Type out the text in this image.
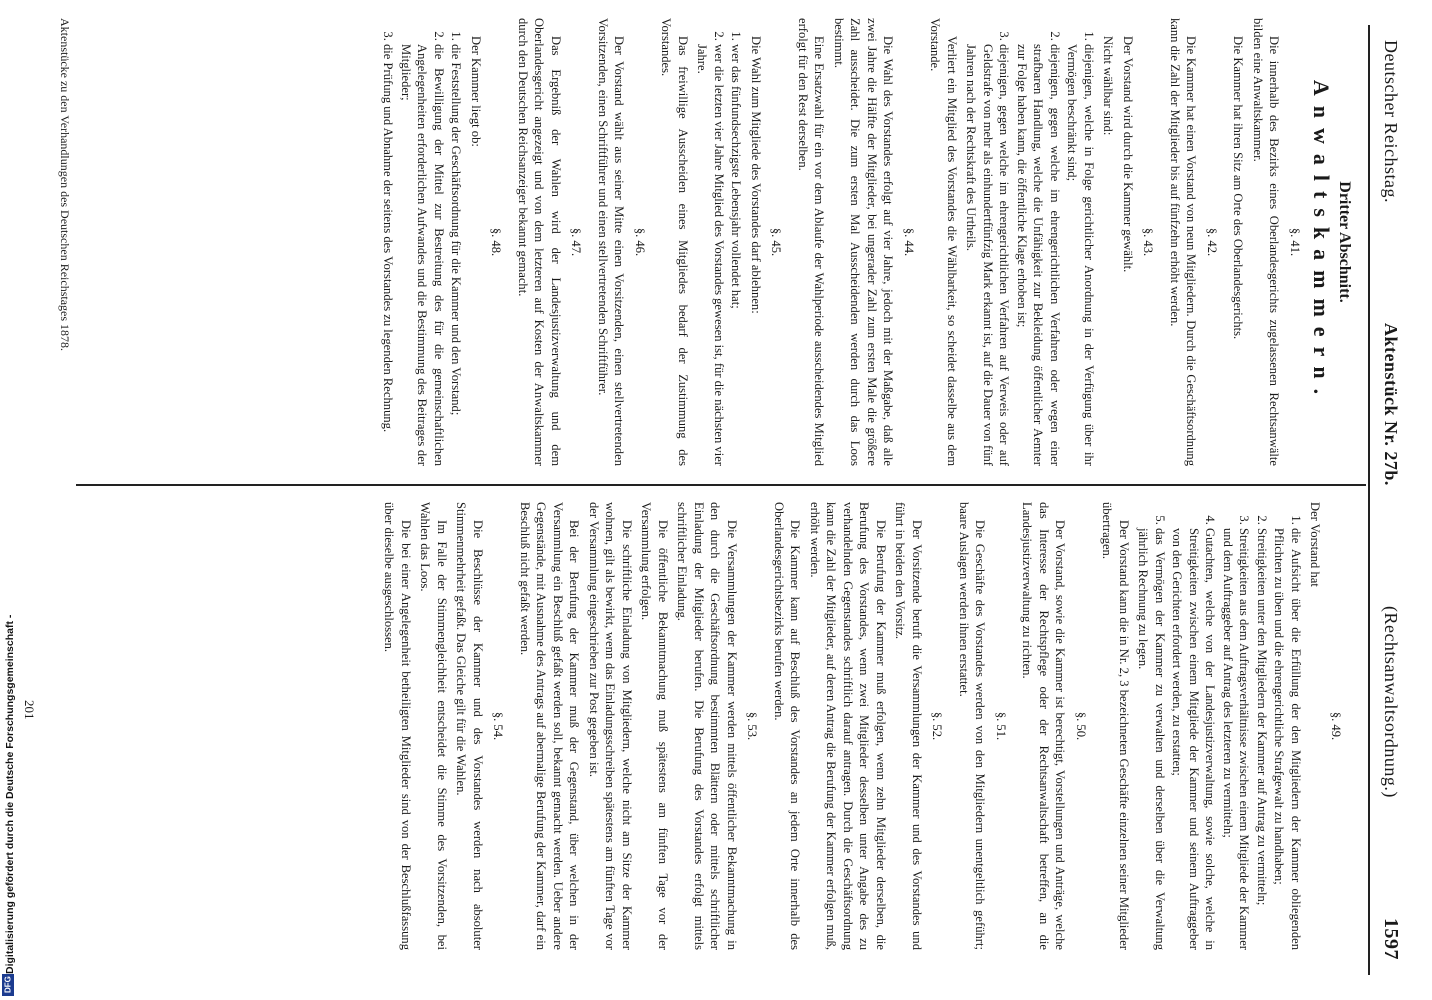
Deutscher Reichstag.
Aktenstück Nr. 27b.
(Rechtsanwaltsordnung.)
1597
Dritter Abschnitt.
Anwaltskammern.
§. 41.

Die innerhalb des Bezirks eines Oberlandesgerichts zugelassenen Rechtsanwälte bilden eine Anwaltskammer.

Die Kammer hat ihren Sitz am Orte des Oberlandesgerichts.

§. 42.

Die Kammer hat einen Vorstand von neun Mitgliedern. Durch die Geschäftsordnung kann die Zahl der Mitglieder bis auf fünfzehn erhöht werden.

§. 43.

Der Vorstand wird durch die Kammer gewählt.

Nicht wählbar sind:

1. diejenigen, welche in Folge gerichtlicher Anordnung in der Verfügung über ihr Vermögen beschränkt sind;
2. diejenigen, gegen welche im ehrengerichtlichen Verfahren oder wegen einer strafbaren Handlung, welche die Unfähigkeit zur Bekleidung öffentlicher Aemter zur Folge haben kann, die öffentliche Klage erhoben ist;
3. diejenigen, gegen welche im ehrengerichtlichen Verfahren auf Verweis oder auf Geldstrafe von mehr als einhundertfünfzig Mark erkannt ist, auf die Dauer von fünf Jahren nach der Rechtskraft des Urtheils.

Verliert ein Mitglied des Vorstandes die Wählbarkeit, so scheidet dasselbe aus dem Vorstande.

§. 44.

Die Wahl des Vorstandes erfolgt auf vier Jahre, jedoch mit der Maßgabe, daß alle zwei Jahre die Hälfte der Mitglieder, bei ungerader Zahl zum ersten Male die größere Zahl ausscheidet. Die zum ersten Mal Ausscheidenden werden durch das Loos bestimmt.

Eine Ersatzwahl für ein vor dem Ablaufe der Wahlperiode ausscheidendes Mitglied erfolgt für den Rest derselben.

§. 45.

Die Wahl zum Mitgliede des Vorstandes darf ablehnen:

1. wer das fünfundsechzigste Lebensjahr vollendet hat;
2. wer die letzten vier Jahre Mitglied des Vorstandes gewesen ist, für die nächsten vier Jahre.

Das freiwillige Ausscheiden eines Mitgliedes bedarf der Zustimmung des Vorstandes.

§. 46.

Der Vorstand wählt aus seiner Mitte einen Vorsitzenden, einen stellvertretenden Vorsitzenden, einen Schriftführer und einen stellvertretenden Schriftführer.

§. 47.

Das Ergebniß der Wahlen wird der Landesjustizverwaltung und dem Oberlandesgericht angezeigt und von dem letzteren auf Kosten der Anwaltskammer durch den Deutschen Reichsanzeiger bekannt gemacht.

§. 48.

Der Kammer liegt ob:

1. die Feststellung der Geschäftsordnung für die Kammer und den Vorstand;
2. die Bewilligung der Mittel zur Bestreitung des für die gemeinschaftlichen Angelegenheiten erforderlichen Aufwandes und die Bestimmung des Beitrages der Mitglieder;
3. die Prüfung und Abnahme der seitens des Vorstandes zu legenden Rechnung.
Aktenstücke zu den Verhandlungen des Deutschen Reichstages 1878.
§. 49.

Der Vorstand hat

1. die Aufsicht über die Erfüllung der den Mitgliedern der Kammer obliegenden Pflichten zu üben und die ehrengerichtliche Strafgewalt zu handhaben;
2. Streitigkeiten unter den Mitgliedern der Kammer auf Antrag zu vermitteln;
3. Streitigkeiten aus dem Auftragsverhältnisse zwischen einem Mitgliede der Kammer und dem Auftraggeber auf Antrag des letzteren zu vermitteln;
4. Gutachten, welche von der Landesjustizverwaltung, sowie solche, welche in Streitigkeiten zwischen einem Mitgliede der Kammer und seinem Auftraggeber von den Gerichten erfordert werden, zu erstatten;
5. das Vermögen der Kammer zu verwalten und derselben über die Verwaltung jährlich Rechnung zu legen.

Der Vorstand kann die in Nr. 2, 3 bezeichneten Geschäfte einzelnen seiner Mitglieder übertragen.

§. 50.

Der Vorstand, sowie die Kammer ist berechtigt, Vorstellungen und Anträge, welche das Interesse der Rechtspflege oder der Rechtsanwaltschaft betreffen, an die Landesjustizverwaltung zu richten.

§. 51.

Die Geschäfte des Vorstandes werden von den Mitgliedern unentgeltlich geführt; baare Auslagen werden ihnen erstattet.

§. 52.

Der Vorsitzende beruft die Versammlungen der Kammer und des Vorstandes und führt in beiden den Vorsitz.

Die Berufung der Kammer muß erfolgen, wenn zehn Mitglieder derselben, die Berufung des Vorstandes, wenn zwei Mitglieder desselben unter Angabe des zu verhandelnden Gegenstandes schriftlich darauf antragen. Durch die Geschäftsordnung kann die Zahl der Mitglieder, auf deren Antrag die Berufung der Kammer erfolgen muß, erhöht werden.

Die Kammer kann auf Beschluß des Vorstandes an jedem Orte innerhalb des Oberlandesgerichtsbezirks berufen werden.

§. 53.

Die Versammlungen der Kammer werden mittels öffentlicher Bekanntmachung in den durch die Geschäftsordnung bestimmten Blättern oder mittels schriftlicher Einladung der Mitglieder berufen. Die Berufung des Vorstandes erfolgt mittels schriftlicher Einladung.

Die öffentliche Bekanntmachung muß spätestens am fünften Tage vor der Versammlung erfolgen.

Die schriftliche Einladung von Mitgliedern, welche nicht am Sitze der Kammer wohnen, gilt als bewirkt, wenn das Einladungsschreiben spätestens am fünften Tage vor der Versammlung eingeschrieben zur Post gegeben ist.

Bei der Berufung der Kammer muß der Gegenstand, über welchen in der Versammlung ein Beschluß gefaßt werden soll, bekannt gemacht werden. Ueber andere Gegenstände, mit Ausnahme des Antrags auf abermalige Berufung der Kammer, darf ein Beschluß nicht gefaßt werden.

§. 54.

Die Beschlüsse der Kammer und des Vorstandes werden nach absoluter Stimmenmehrheit gefaßt. Das Gleiche gilt für die Wahlen.

Im Falle der Stimmengleichheit entscheidet die Stimme des Vorsitzenden, bei Wahlen das Loos.

Die bei einer Angelegenheit betheiligten Mitglieder sind von der Beschlußfassung über dieselbe ausgeschlossen.

201
Digitalisierung gefördert durch die Deutsche Forschungsgemeinschaft -
DFG
